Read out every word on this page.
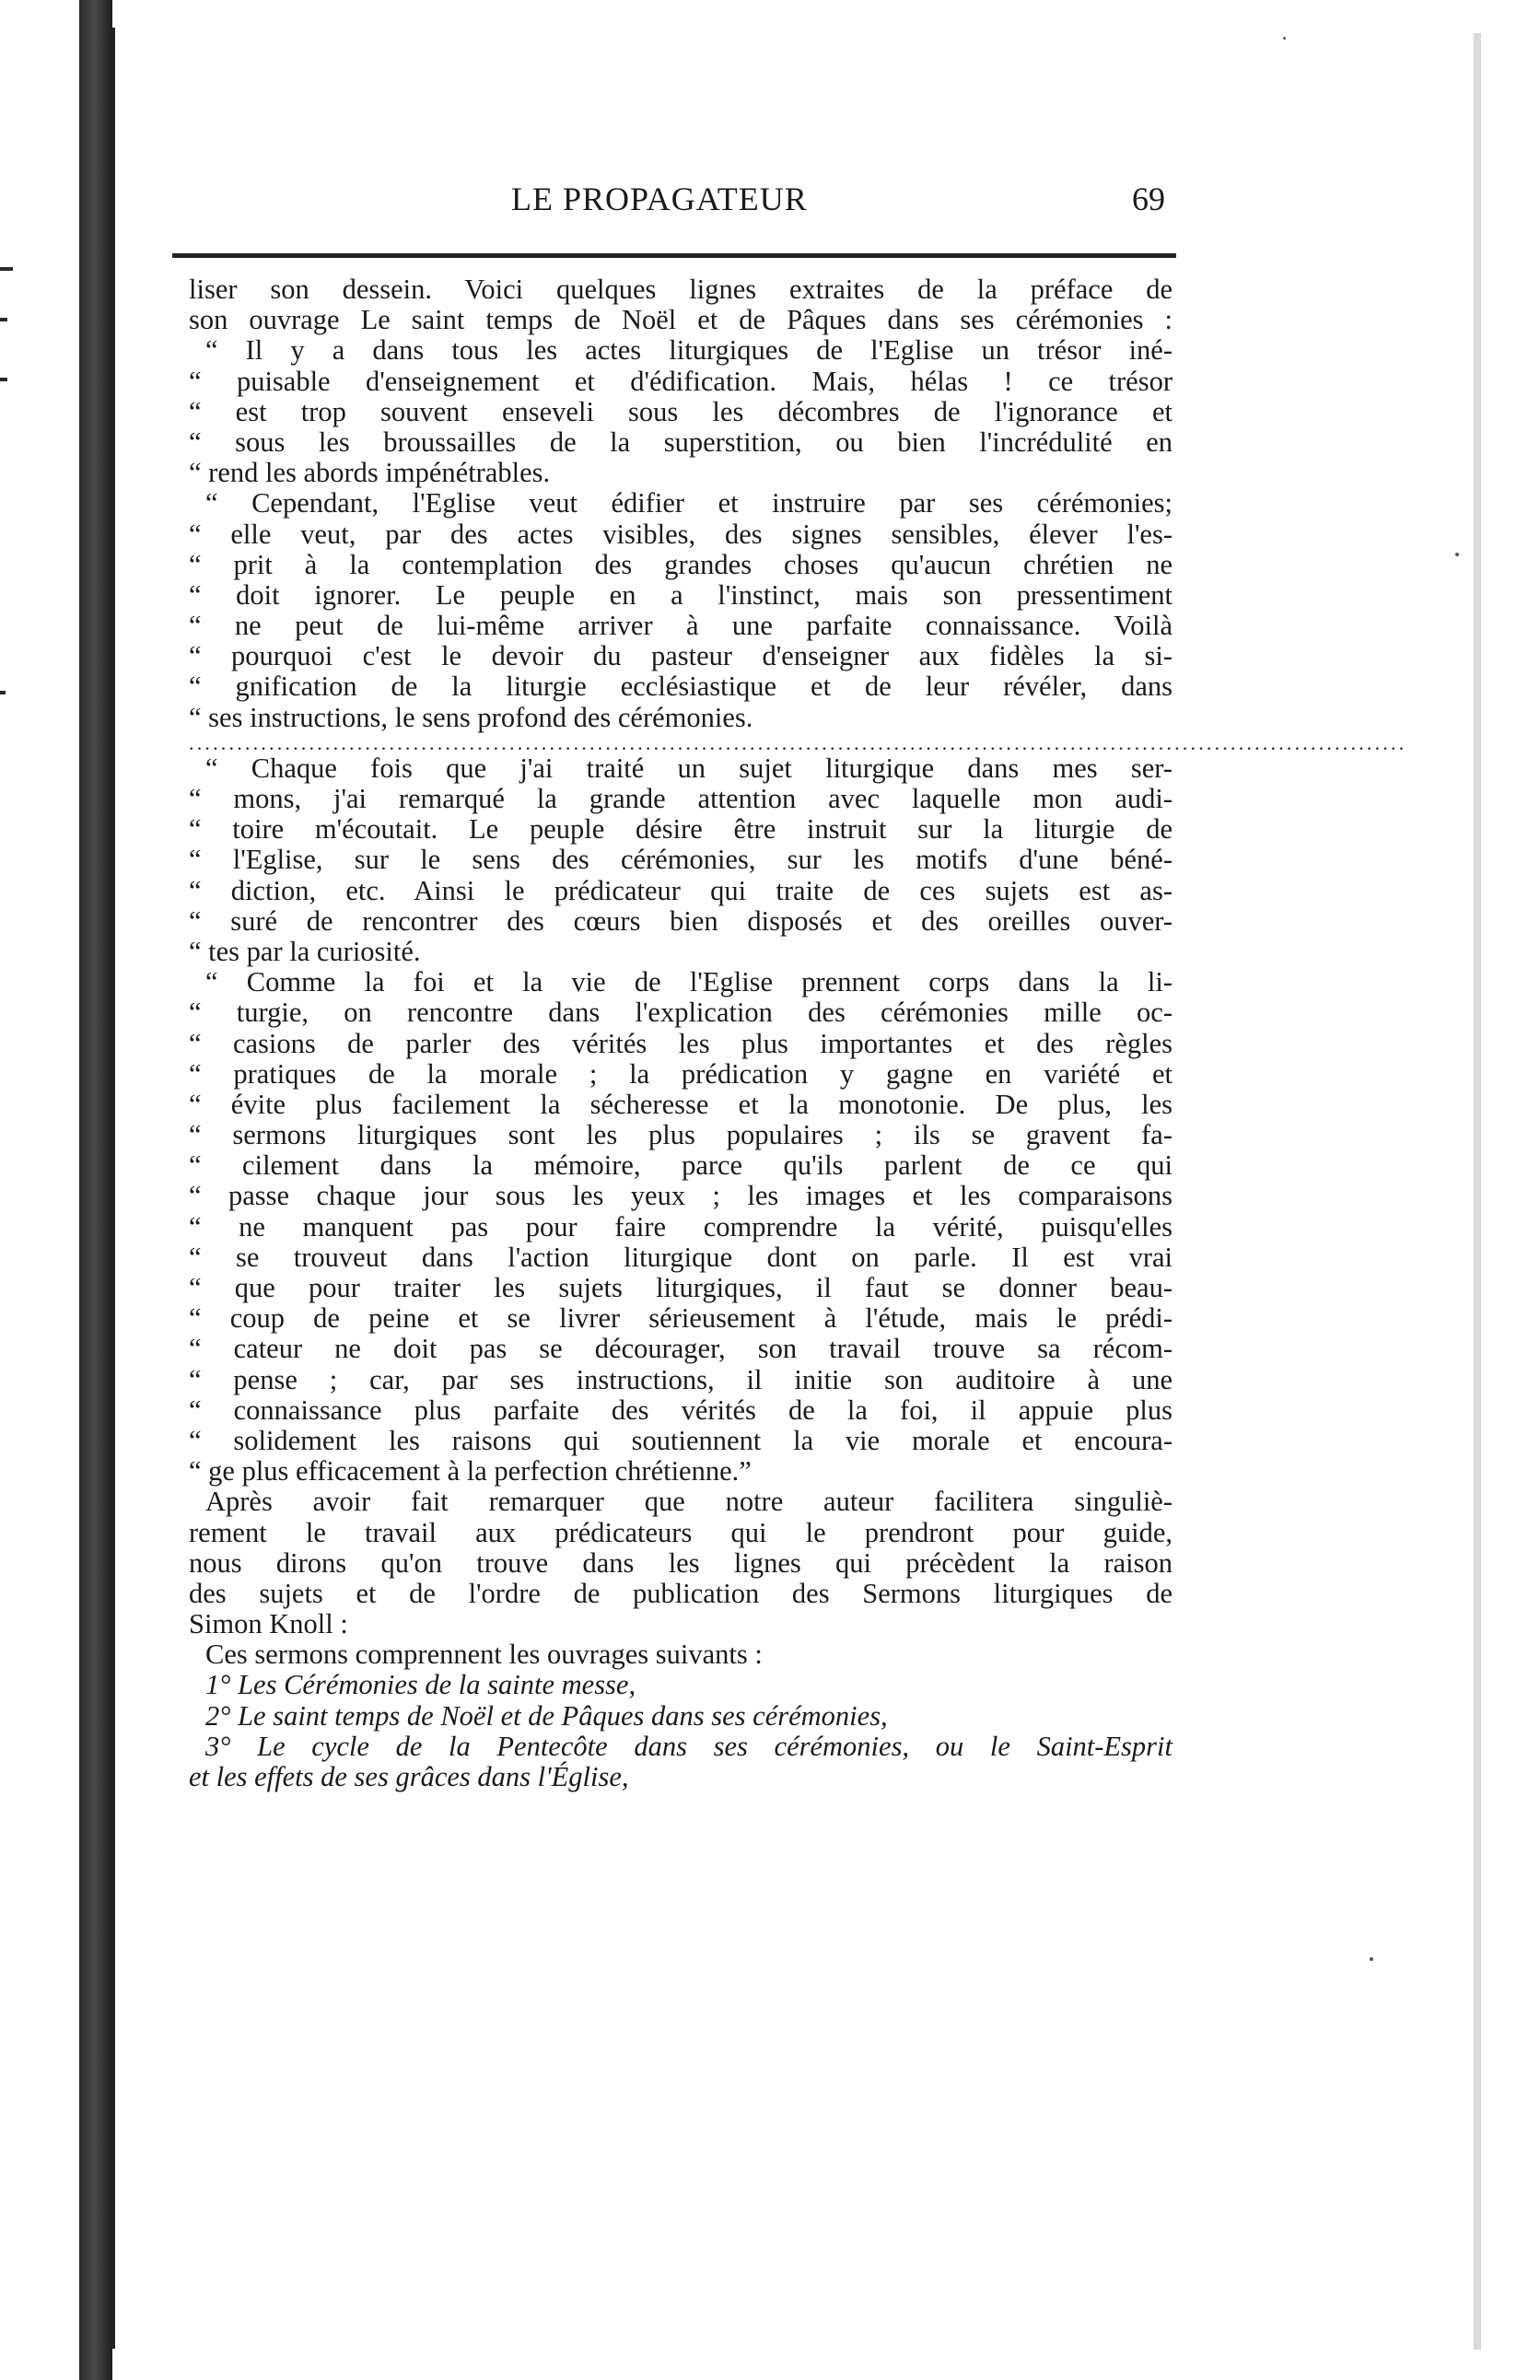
LE PROPAGATEUR	69
liser son dessein. Voici quelques lignes extraites de la préface de
son ouvrage Le saint temps de Noël et de Pâques dans ses cérémonies :
“ Il y a dans tous les actes liturgiques de l'Eglise un trésor iné-
“ puisable d'enseignement et d'édification. Mais, hélas ! ce trésor
“ est trop souvent enseveli sous les décombres de l'ignorance et
“ sous les broussailles de la superstition, ou bien l'incrédulité en
“ rend les abords impénétrables.
“ Cependant, l'Eglise veut édifier et instruire par ses cérémonies;
“ elle veut, par des actes visibles, des signes sensibles, élever l'es-
“ prit à la contemplation des grandes choses qu'aucun chrétien ne
“ doit ignorer. Le peuple en a l'instinct, mais son pressentiment
“ ne peut de lui-même arriver à une parfaite connaissance. Voilà
“ pourquoi c'est le devoir du pasteur d'enseigner aux fidèles la si-
“ gnification de la liturgie ecclésiastique et de leur révéler, dans
“ ses instructions, le sens profond des cérémonies.
........................................................................................................................................................
“ Chaque fois que j'ai traité un sujet liturgique dans mes ser-
“ mons, j'ai remarqué la grande attention avec laquelle mon audi-
“ toire m'écoutait. Le peuple désire être instruit sur la liturgie de
“ l'Eglise, sur le sens des cérémonies, sur les motifs d'une béné-
“ diction, etc. Ainsi le prédicateur qui traite de ces sujets est as-
“ suré de rencontrer des cœurs bien disposés et des oreilles ouver-
“ tes par la curiosité.
“ Comme la foi et la vie de l'Eglise prennent corps dans la li-
“ turgie, on rencontre dans l'explication des cérémonies mille oc-
“ casions de parler des vérités les plus importantes et des règles
“ pratiques de la morale ; la prédication y gagne en variété et
“ évite plus facilement la sécheresse et la monotonie. De plus, les
“ sermons liturgiques sont les plus populaires ; ils se gravent fa-
“ cilement dans la mémoire, parce qu'ils parlent de ce qui
“ passe chaque jour sous les yeux ; les images et les comparaisons
“ ne manquent pas pour faire comprendre la vérité, puisqu'elles
“ se trouveut dans l'action liturgique dont on parle. Il est vrai
“ que pour traiter les sujets liturgiques, il faut se donner beau-
“ coup de peine et se livrer sérieusement à l'étude, mais le prédi-
“ cateur ne doit pas se décourager, son travail trouve sa récom-
“ pense ; car, par ses instructions, il initie son auditoire à une
“ connaissance plus parfaite des vérités de la foi, il appuie plus
“ solidement les raisons qui soutiennent la vie morale et encoura-
“ ge plus efficacement à la perfection chrétienne.”
Après avoir fait remarquer que notre auteur facilitera singuliè-
rement le travail aux prédicateurs qui le prendront pour guide,
nous dirons qu'on trouve dans les lignes qui précèdent la raison
des sujets et de l'ordre de publication des Sermons liturgiques de
Simon Knoll :
Ces sermons comprennent les ouvrages suivants :
1° Les Cérémonies de la sainte messe,
2° Le saint temps de Noël et de Pâques dans ses cérémonies,
3° Le cycle de la Pentecôte dans ses cérémonies, ou le Saint-Esprit
et les effets de ses grâces dans l'Église,
